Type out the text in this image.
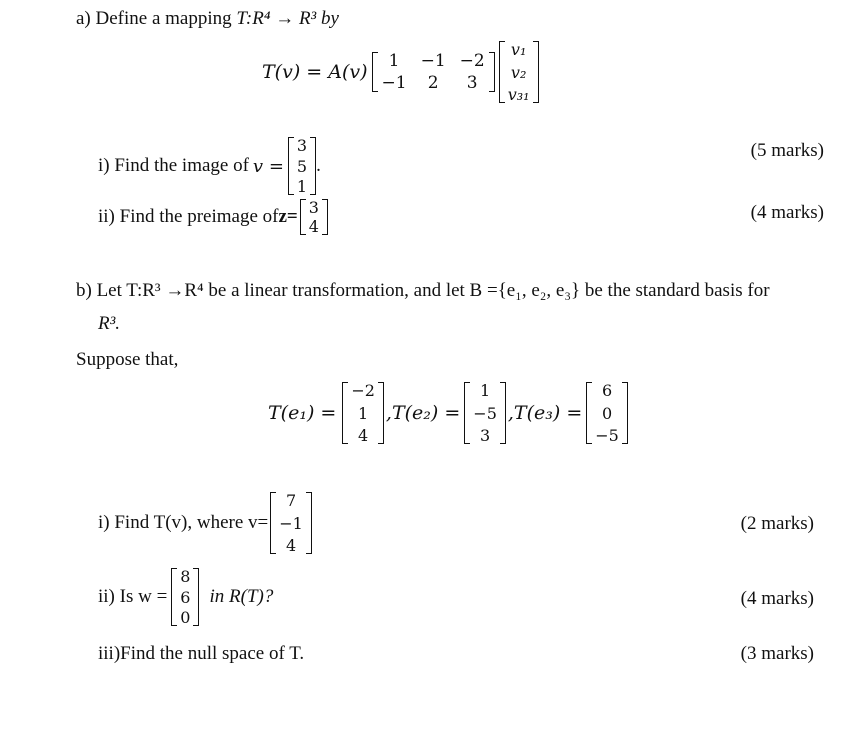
a) Define a mapping T:R⁴ → R³ by
T(v) = A(v)	1	−1 −2
−1	2	3
v₁
v₂
v₃₁
i) Find the image of v =
3
5
1
.
(5 marks)
ii) Find the preimage of z= 3
4
(4 marks)
b) Let T:R³ →R⁴ be a linear transformation, and let B ={e₁, e₂, e₃} be the standard basis for
R³.
Suppose that,
T(e₁) =
−2
1
4
,T(e₂) =
1
−5
3
,T(e₃) =
6
0
−5
i) Find T(v), where v=
7
−1
4
(2 marks)
ii) Is w =
8
6
0
in R(T)?	(4 marks)
iii)Find the null space of T.	(3 marks)
